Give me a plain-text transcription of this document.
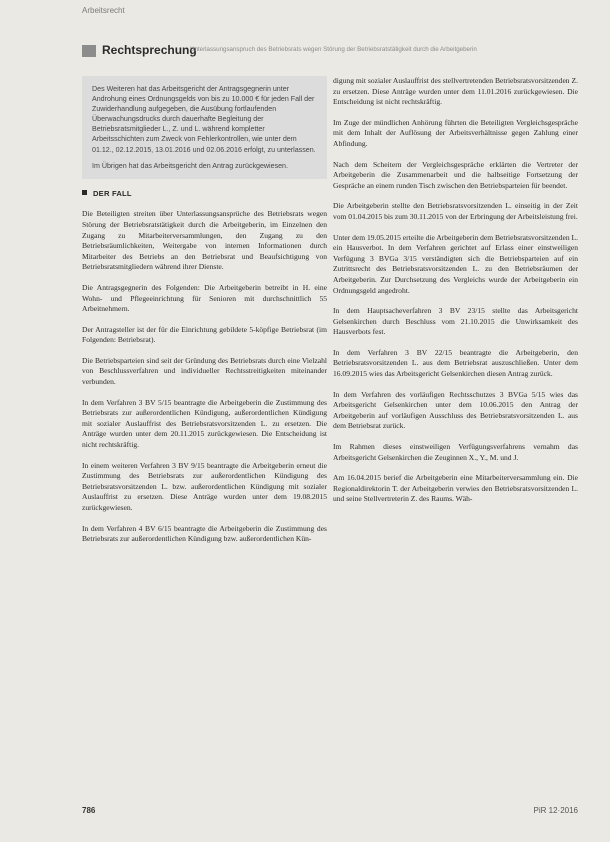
Arbeitsrecht
Rechtsprechung
Unterlassungsanspruch des Betriebsrats wegen Störung der Betriebsratstätigkeit durch die Arbeitgeberin

Des Weiteren hat das Arbeitsgericht der Antragsgegnerin unter Androhung eines Ordnungsgelds von bis zu 10.000 € für jeden Fall der Zuwiderhandlung aufgegeben, die Ausübung fortlaufenden Überwachungsdrucks durch dauerhafte Begleitung der Betriebsratsmitglieder L., Z. und L. während kompletter Arbeitsschichten zum Zweck von Fehlerkontrollen, wie unter dem 01.12., 02.12.2015, 13.01.2016 und 02.06.2016 erfolgt, zu unterlassen.

Im Übrigen hat das Arbeitsgericht den Antrag zurückgewiesen.

DER FALL

Die Beteiligten streiten über Unterlassungsansprüche des Betriebsrats wegen Störung der Betriebsratstätigkeit durch die Arbeitgeberin, im Einzelnen den Zugang zu Mitarbeiterversammlungen, den Zugang zu den Betriebsräumlichkeiten, Weitergabe von internen Informationen durch Mitarbeiter des Betriebs an den Betriebsrat und Beaufsichtigung von Betriebsratsmitgliedern während ihrer Dienste.

Die Antragsgegnerin des Folgenden: Die Arbeitgeberin betreibt in H. eine Wohn- und Pflegeeinrichtung für Senioren mit durchschnittlich 55 Arbeitnehmern.

Der Antragsteller ist der für die Einrichtung gebildete 5-köpfige Betriebsrat (im Folgenden: Betriebsrat).

Die Betriebsparteien sind seit der Gründung des Betriebsrats durch eine Vielzahl von Beschlussverfahren und individueller Rechtsstreitigkeiten miteinander verbunden.

In dem Verfahren 3 BV 5/15 beantragte die Arbeitgeberin die Zustimmung des Betriebsrats zur außerordentlichen Kündigung, außerordentlichen Kündigung mit sozialer Auslauffrist des Betriebsratsvorsitzenden L. zu ersetzen. Die Anträge wurden unter dem 20.11.2015 zurückgewiesen. Die Entscheidung ist nicht rechtskräftig.

In einem weiteren Verfahren 3 BV 9/15 beantragte die Arbeitgeberin erneut die Zustimmung des Betriebsrats zur außerordentlichen Kündigung des Betriebsratsvorsitzenden L. bzw. außerordentlichen Kündigung mit sozialer Auslauffrist zu ersetzen. Diese Anträge wurden unter dem 19.08.2015 zurückgewiesen.

In dem Verfahren 4 BV 6/15 beantragte die Arbeitgeberin die Zustimmung des Betriebsrats zur außerordentlichen Kündigung bzw. außerordentlichen Kün-

digung mit sozialer Auslauffrist des stellvertretenden Betriebsratsvorsitzenden Z. zu ersetzen. Diese Anträge wurden unter dem 11.01.2016 zurückgewiesen. Die Entscheidung ist nicht rechtskräftig.

Im Zuge der mündlichen Anhörung führten die Beteiligten Vergleichsgespräche mit dem Inhalt der Auflösung der Arbeitsverhältnisse gegen Zahlung einer Abfindung.

Nach dem Scheitern der Vergleichsgespräche erklärten die Vertreter der Arbeitgeberin die Zusammenarbeit und die halbseitige Fortsetzung der Gespräche an einem runden Tisch zwischen den Betriebsparteien für beendet.

Die Arbeitgeberin stellte den Betriebsratsvorsitzenden L. einseitig in der Zeit vom 01.04.2015 bis zum 30.11.2015 von der Erbringung der Arbeitsleistung frei.

Unter dem 19.05.2015 erteilte die Arbeitgeberin dem Betriebsratsvorsitzenden L. ein Hausverbot. In dem Verfahren gerichtet auf Erlass einer einstweiligen Verfügung 3 BVGa 3/15 verständigten sich die Betriebsparteien auf ein Zutrittsrecht des Betriebsratsvorsitzenden L. zu den Betriebsräumen der Arbeitgeberin. Zur Durchsetzung des Vergleichs wurde der Arbeitgeberin ein Ordnungsgeld angedroht.

In dem Hauptsacheverfahren 3 BV 23/15 stellte das Arbeitsgericht Gelsenkirchen durch Beschluss vom 21.10.2015 die Unwirksamkeit des Hausverbots fest.

In dem Verfahren 3 BV 22/15 beantragte die Arbeitgeberin, den Betriebsratsvorsitzenden L. aus dem Betriebsrat auszuschließen. Unter dem 16.09.2015 wies das Arbeitsgericht Gelsenkirchen diesen Antrag zurück.

In dem Verfahren des vorläufigen Rechtsschutzes 3 BVGa 5/15 wies das Arbeitsgericht Gelsenkirchen unter dem 10.06.2015 den Antrag der Arbeitgeberin auf vorläufigen Ausschluss des Betriebsratsvorsitzenden L. aus dem Betriebsrat zurück.

Im Rahmen dieses einstweiligen Verfügungsverfahrens vernahm das Arbeitsgericht Gelsenkirchen die Zeuginnen X., Y., M. und J.

Am 16.04.2015 berief die Arbeitgeberin eine Mitarbeiterversammlung ein. Die Regionaldirektorin T. der Arbeitgeberin verwies den Betriebsratsvorsitzenden L. und seine Stellvertreterin Z. des Raums. Wäh-

786	PiR 12·2016
